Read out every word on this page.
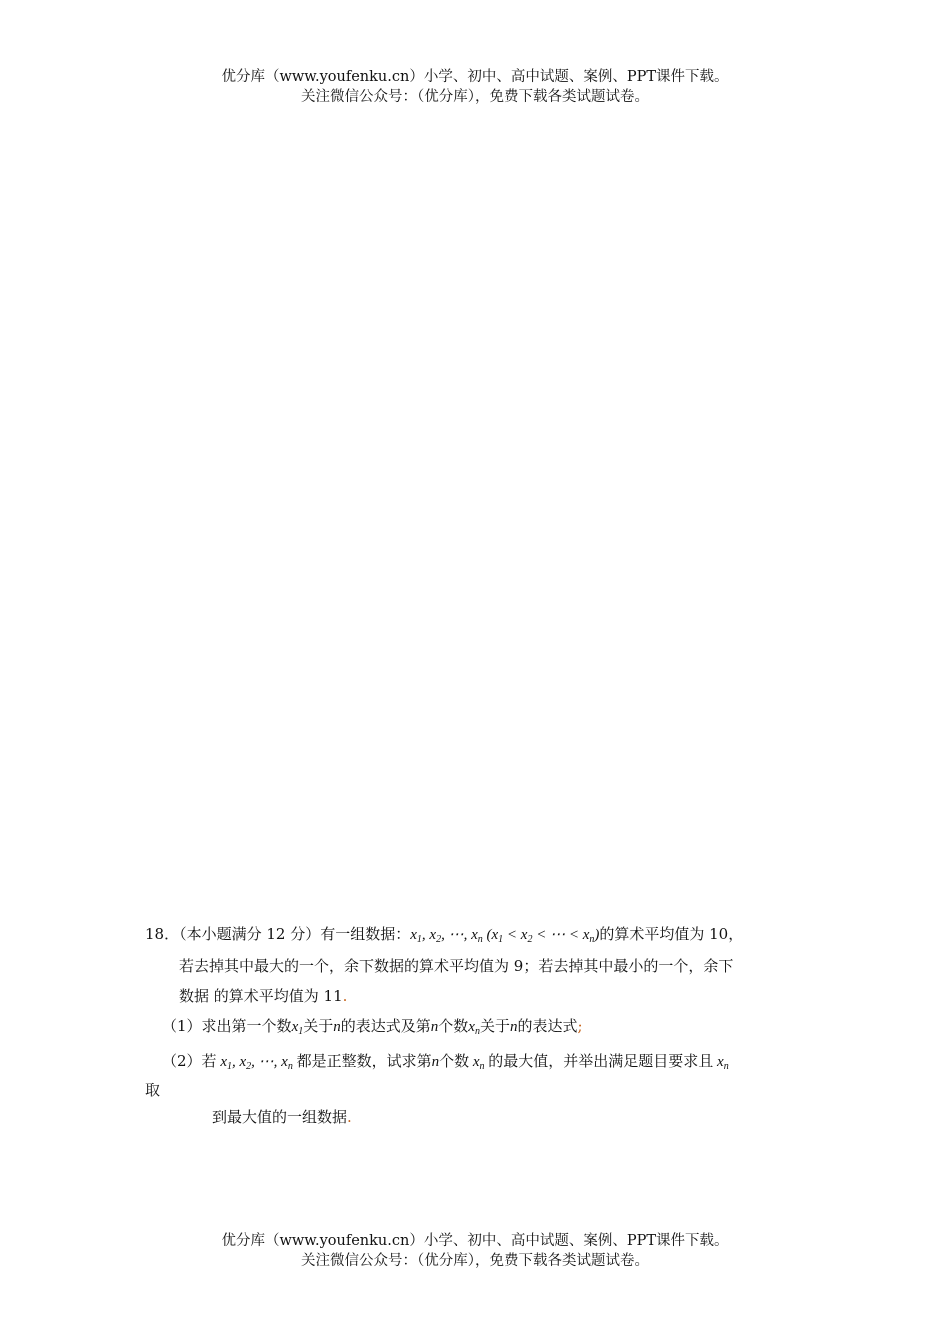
优分库（www.youfenku.cn）小学、初中、高中试题、案例、PPT课件下载。
关注微信公众号：（优分库），免费下载各类试题试卷。
18．（本小题满分 12 分）有一组数据：$x_1$, $x_2$, ⋯, $x_n$ ($x_1 < x_2$ < ⋯ < $x_n$)的算术平均值为 10，
若去掉其中最大的一个，余下数据的算术平均值为 9；若去掉其中最小的一个，余下
数据 的算术平均值为 11.
（1）求出第一个数$x_1$关于n的表达式及第n个数$x_n$关于n的表达式;
（2）若 $x_1$, $x_2$, ⋯, $x_n$ 都是正整数，试求第n个数 $x_n$ 的最大值，并举出满足题目要求且 $x_n$
取
到最大值的一组数据.
优分库（www.youfenku.cn）小学、初中、高中试题、案例、PPT课件下载。
关注微信公众号：（优分库），免费下载各类试题试卷。
